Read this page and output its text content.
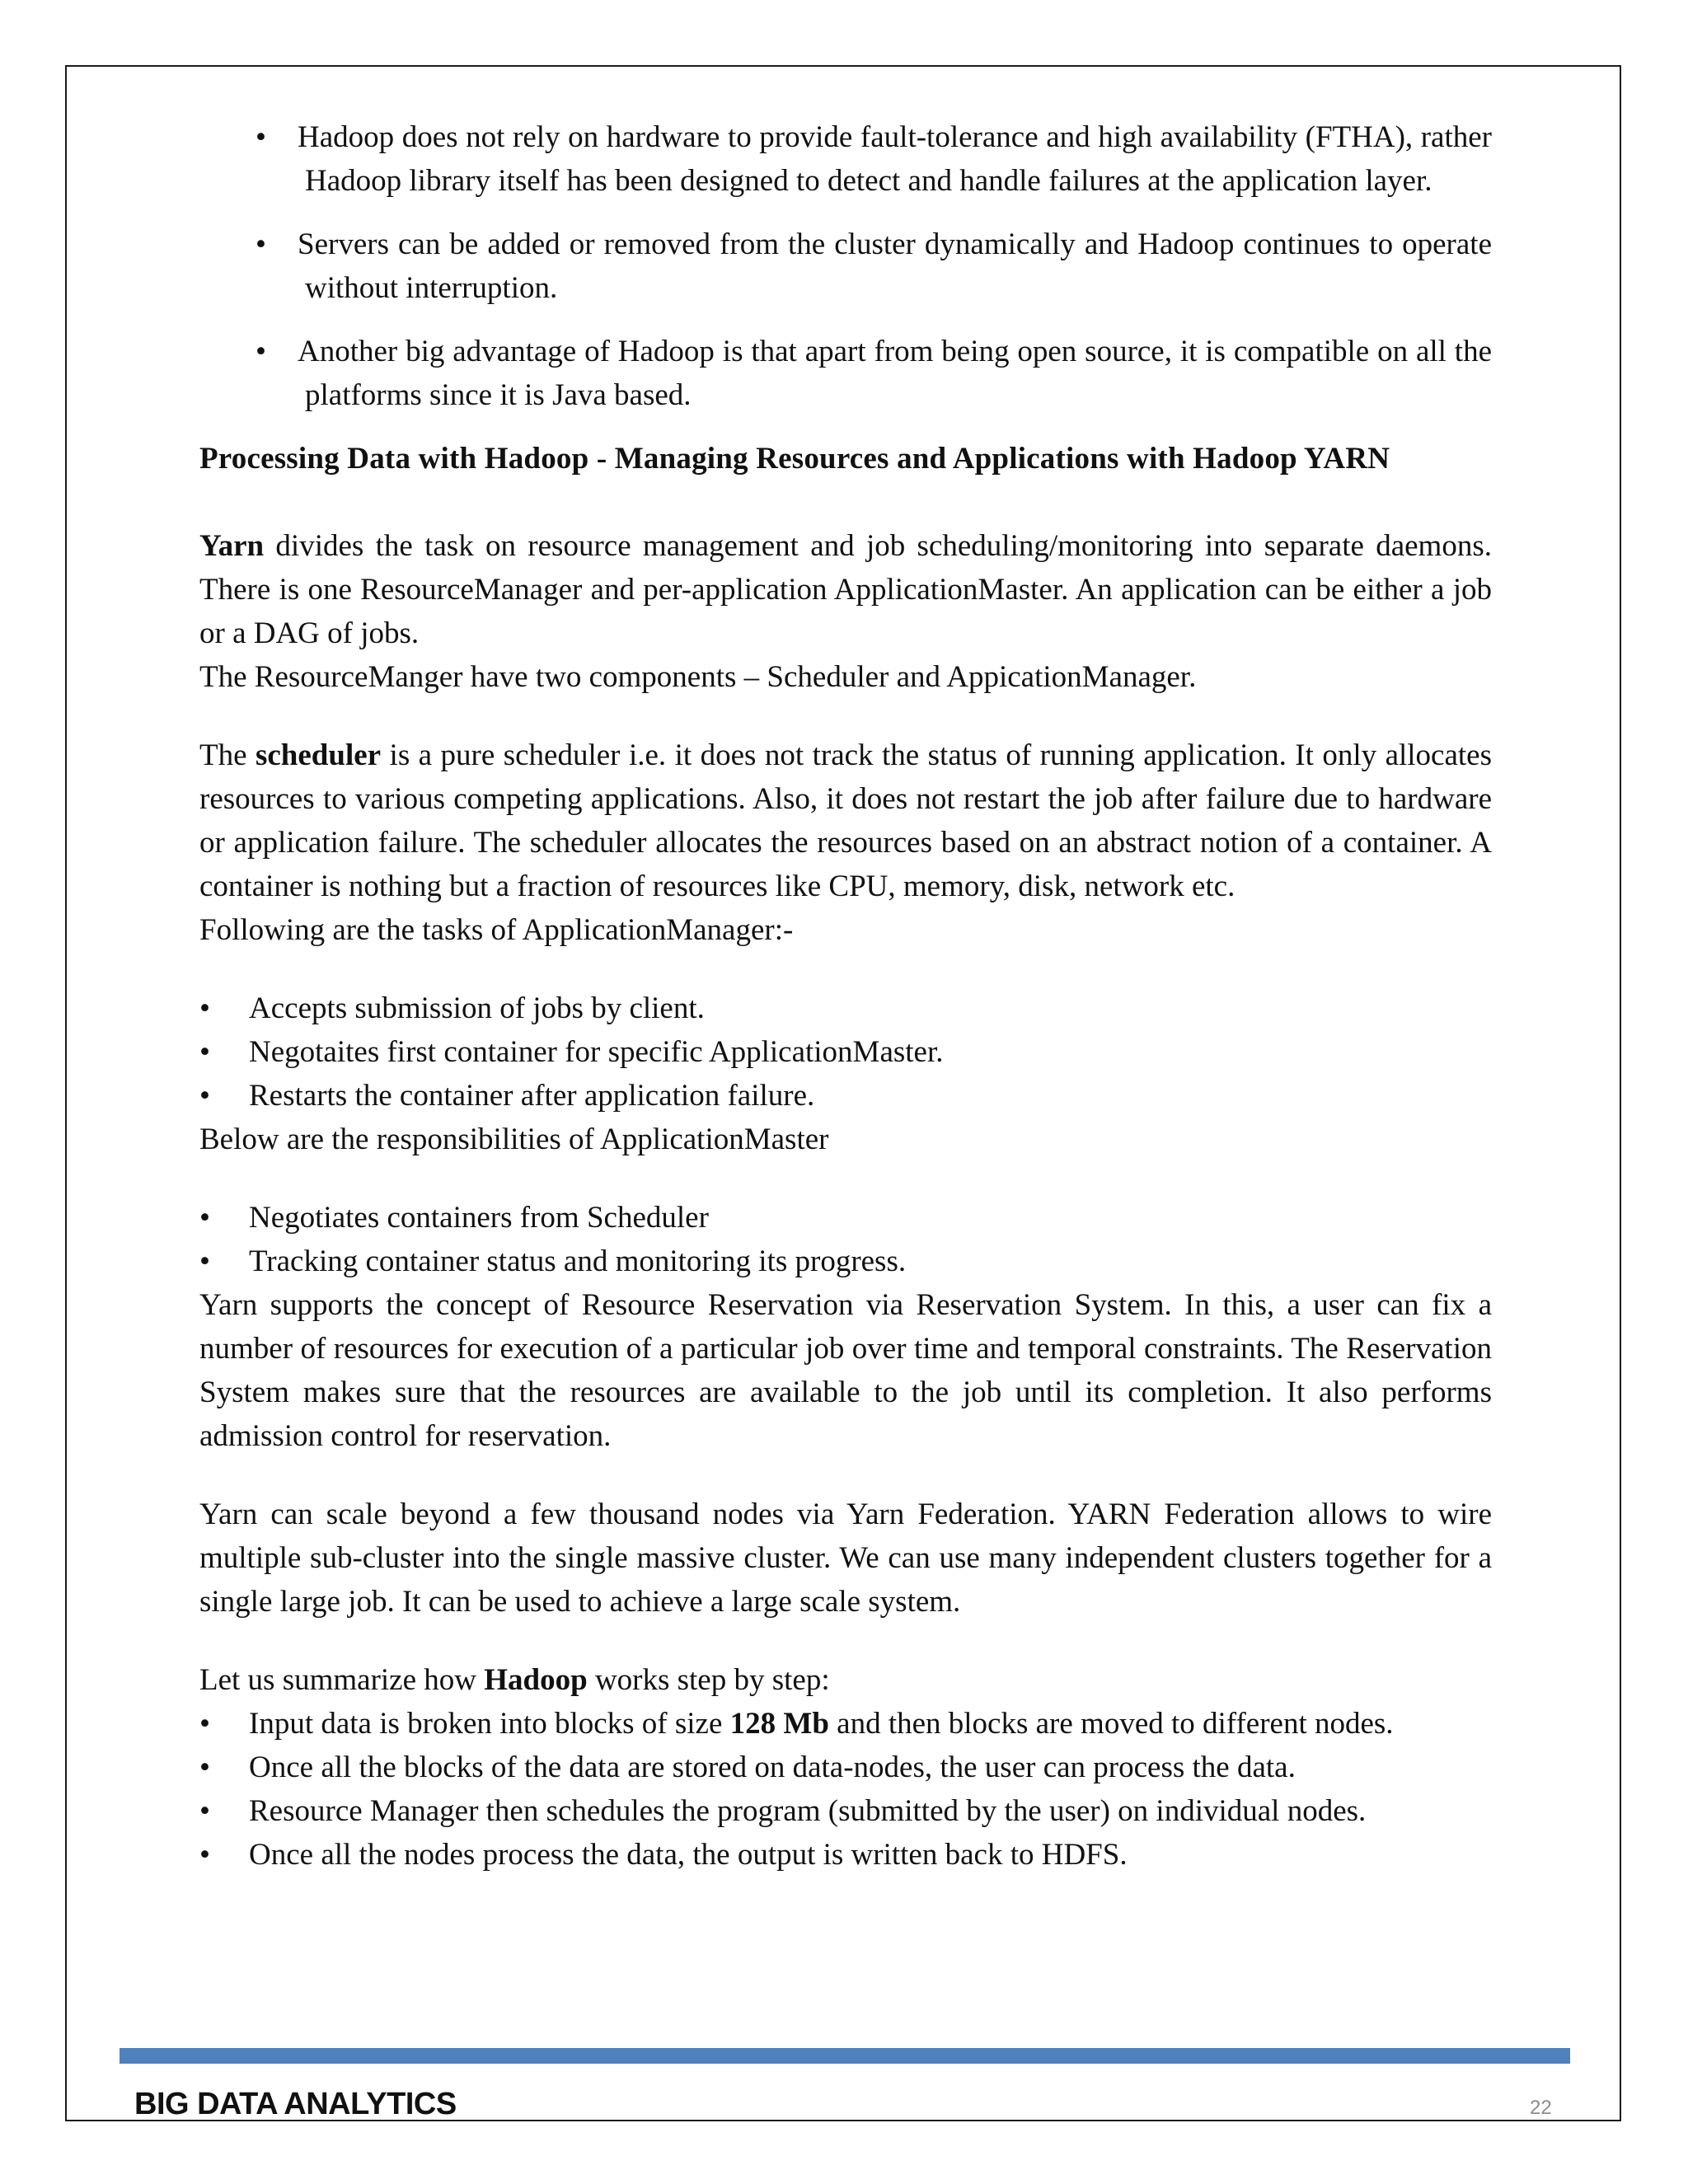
• Hadoop does not rely on hardware to provide fault-tolerance and high availability (FTHA), rather Hadoop library itself has been designed to detect and handle failures at the application layer.
• Servers can be added or removed from the cluster dynamically and Hadoop continues to operate without interruption.
• Another big advantage of Hadoop is that apart from being open source, it is compatible on all the platforms since it is Java based.

Processing Data with Hadoop - Managing Resources and Applications with Hadoop YARN

Yarn divides the task on resource management and job scheduling/monitoring into separate daemons. There is one ResourceManager and per-application ApplicationMaster. An application can be either a job or a DAG of jobs.

The ResourceManger have two components – Scheduler and AppicationManager.

The scheduler is a pure scheduler i.e. it does not track the status of running application. It only allocates resources to various competing applications. Also, it does not restart the job after failure due to hardware or application failure. The scheduler allocates the resources based on an abstract notion of a container. A container is nothing but a fraction of resources like CPU, memory, disk, network etc.

Following are the tasks of ApplicationManager:-

• Accepts submission of jobs by client.
• Negotaites first container for specific ApplicationMaster.
• Restarts the container after application failure.

Below are the responsibilities of ApplicationMaster

• Negotiates containers from Scheduler
• Tracking container status and monitoring its progress.

Yarn supports the concept of Resource Reservation via Reservation System. In this, a user can fix a number of resources for execution of a particular job over time and temporal constraints. The Reservation System makes sure that the resources are available to the job until its completion. It also performs admission control for reservation.

Yarn can scale beyond a few thousand nodes via Yarn Federation. YARN Federation allows to wire multiple sub-cluster into the single massive cluster. We can use many independent clusters together for a single large job. It can be used to achieve a large scale system.

Let us summarize how Hadoop works step by step:

• Input data is broken into blocks of size 128 Mb and then blocks are moved to different nodes.
• Once all the blocks of the data are stored on data-nodes, the user can process the data.
• Resource Manager then schedules the program (submitted by the user) on individual nodes.
• Once all the nodes process the data, the output is written back to HDFS.
BIG DATA ANALYTICS	22
